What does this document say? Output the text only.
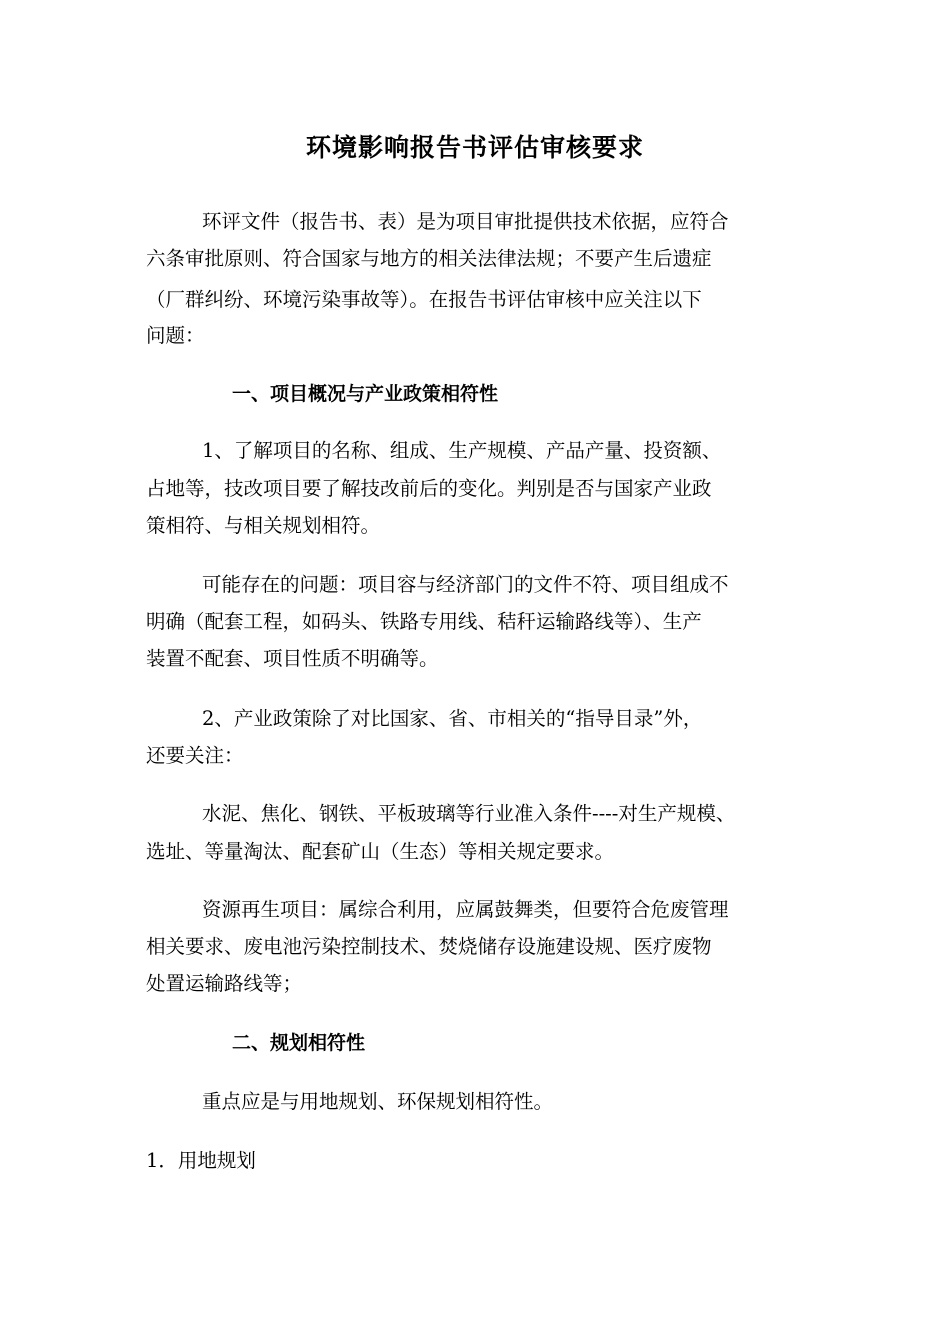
环境影响报告书评估审核要求
环评文件（报告书、表）是为项目审批提供技术依据，应符合
六条审批原则、符合国家与地方的相关法律法规；不要产生后遗症
（厂群纠纷、环境污染事故等）。在报告书评估审核中应关注以下
问题：
一、项目概况与产业政策相符性
1、了解项目的名称、组成、生产规模、产品产量、投资额、
占地等，技改项目要了解技改前后的变化。判别是否与国家产业政
策相符、与相关规划相符。
可能存在的问题：项目容与经济部门的文件不符、项目组成不
明确（配套工程，如码头、铁路专用线、秸秆运输路线等）、生产
装置不配套、项目性质不明确等。
2、产业政策除了对比国家、省、市相关的“指导目录”外，
还要关注：
水泥、焦化、钢铁、平板玻璃等行业准入条件----对生产规模、
选址、等量淘汰、配套矿山（生态）等相关规定要求。
资源再生项目：属综合利用，应属鼓舞类，但要符合危废管理
相关要求、废电池污染控制技术、焚烧储存设施建设规、医疗废物
处置运输路线等；
二、规划相符性
重点应是与用地规划、环保规划相符性。
1．用地规划
